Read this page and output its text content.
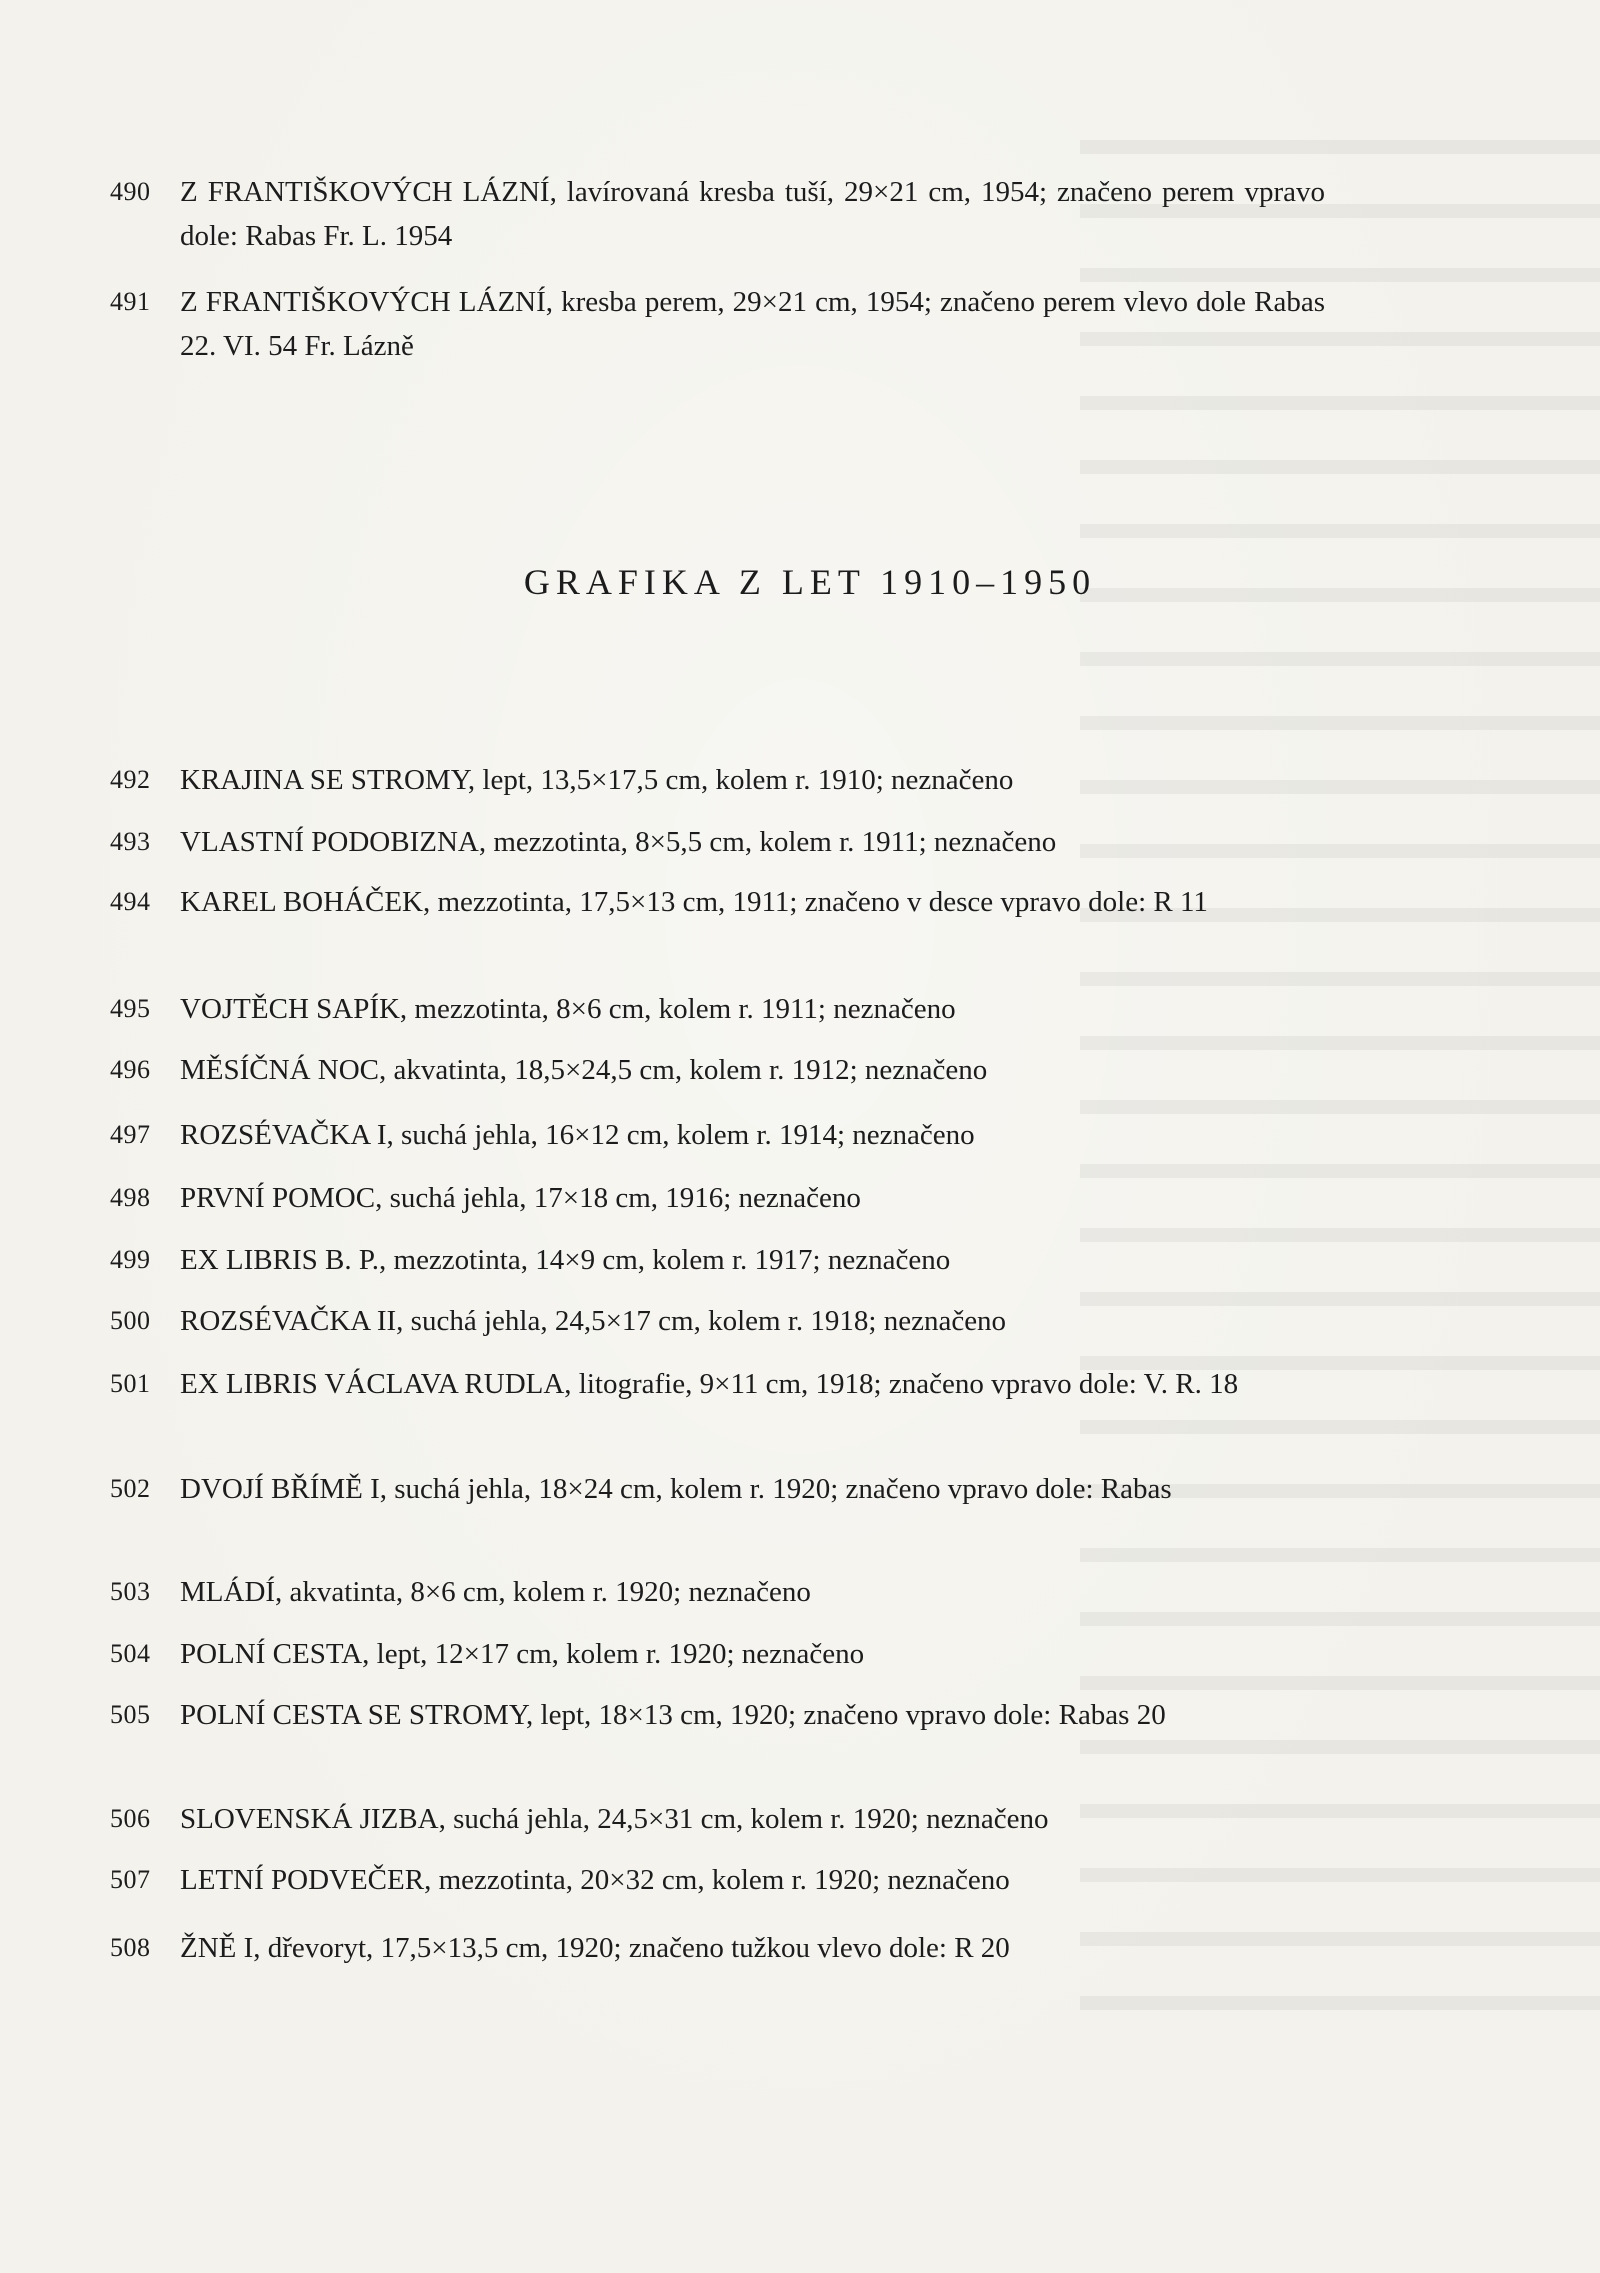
490	Z FRANTIŠKOVÝCH LÁZNÍ, lavírovaná kresba tuší, 29×21 cm, 1954; značeno perem vpravo dole: Rabas Fr. L. 1954
491	Z FRANTIŠKOVÝCH LÁZNÍ, kresba perem, 29×21 cm, 1954; značeno perem vlevo dole Rabas 22. VI. 54 Fr. Lázně
GRAFIKA Z LET 1910–1950
492	KRAJINA SE STROMY, lept, 13,5×17,5 cm, kolem r. 1910; neznačeno
493	VLASTNÍ PODOBIZNA, mezzotinta, 8×5,5 cm, kolem r. 1911; neznačeno
494	KAREL BOHÁČEK, mezzotinta, 17,5×13 cm, 1911; značeno v desce vpravo dole: R 11
495	VOJTĚCH SAPÍK, mezzotinta, 8×6 cm, kolem r. 1911; neznačeno
496	MĚSÍČNÁ NOC, akvatinta, 18,5×24,5 cm, kolem r. 1912; neznačeno
497	ROZSÉVAČKA I, suchá jehla, 16×12 cm, kolem r. 1914; neznačeno
498	PRVNÍ POMOC, suchá jehla, 17×18 cm, 1916; neznačeno
499	EX LIBRIS B. P., mezzotinta, 14×9 cm, kolem r. 1917; neznačeno
500	ROZSÉVAČKA II, suchá jehla, 24,5×17 cm, kolem r. 1918; neznačeno
501	EX LIBRIS VÁCLAVA RUDLA, litografie, 9×11 cm, 1918; značeno vpravo dole: V. R. 18
502	DVOJÍ BŘÍMĚ I, suchá jehla, 18×24 cm, kolem r. 1920; značeno vpravo dole: Rabas
503	MLÁDÍ, akvatinta, 8×6 cm, kolem r. 1920; neznačeno
504	POLNÍ CESTA, lept, 12×17 cm, kolem r. 1920; neznačeno
505	POLNÍ CESTA SE STROMY, lept, 18×13 cm, 1920; značeno vpravo dole: Rabas 20
506	SLOVENSKÁ JIZBA, suchá jehla, 24,5×31 cm, kolem r. 1920; neznačeno
507	LETNÍ PODVEČER, mezzotinta, 20×32 cm, kolem r. 1920; neznačeno
508	ŽNĚ I, dřevoryt, 17,5×13,5 cm, 1920; značeno tužkou vlevo dole: R 20
